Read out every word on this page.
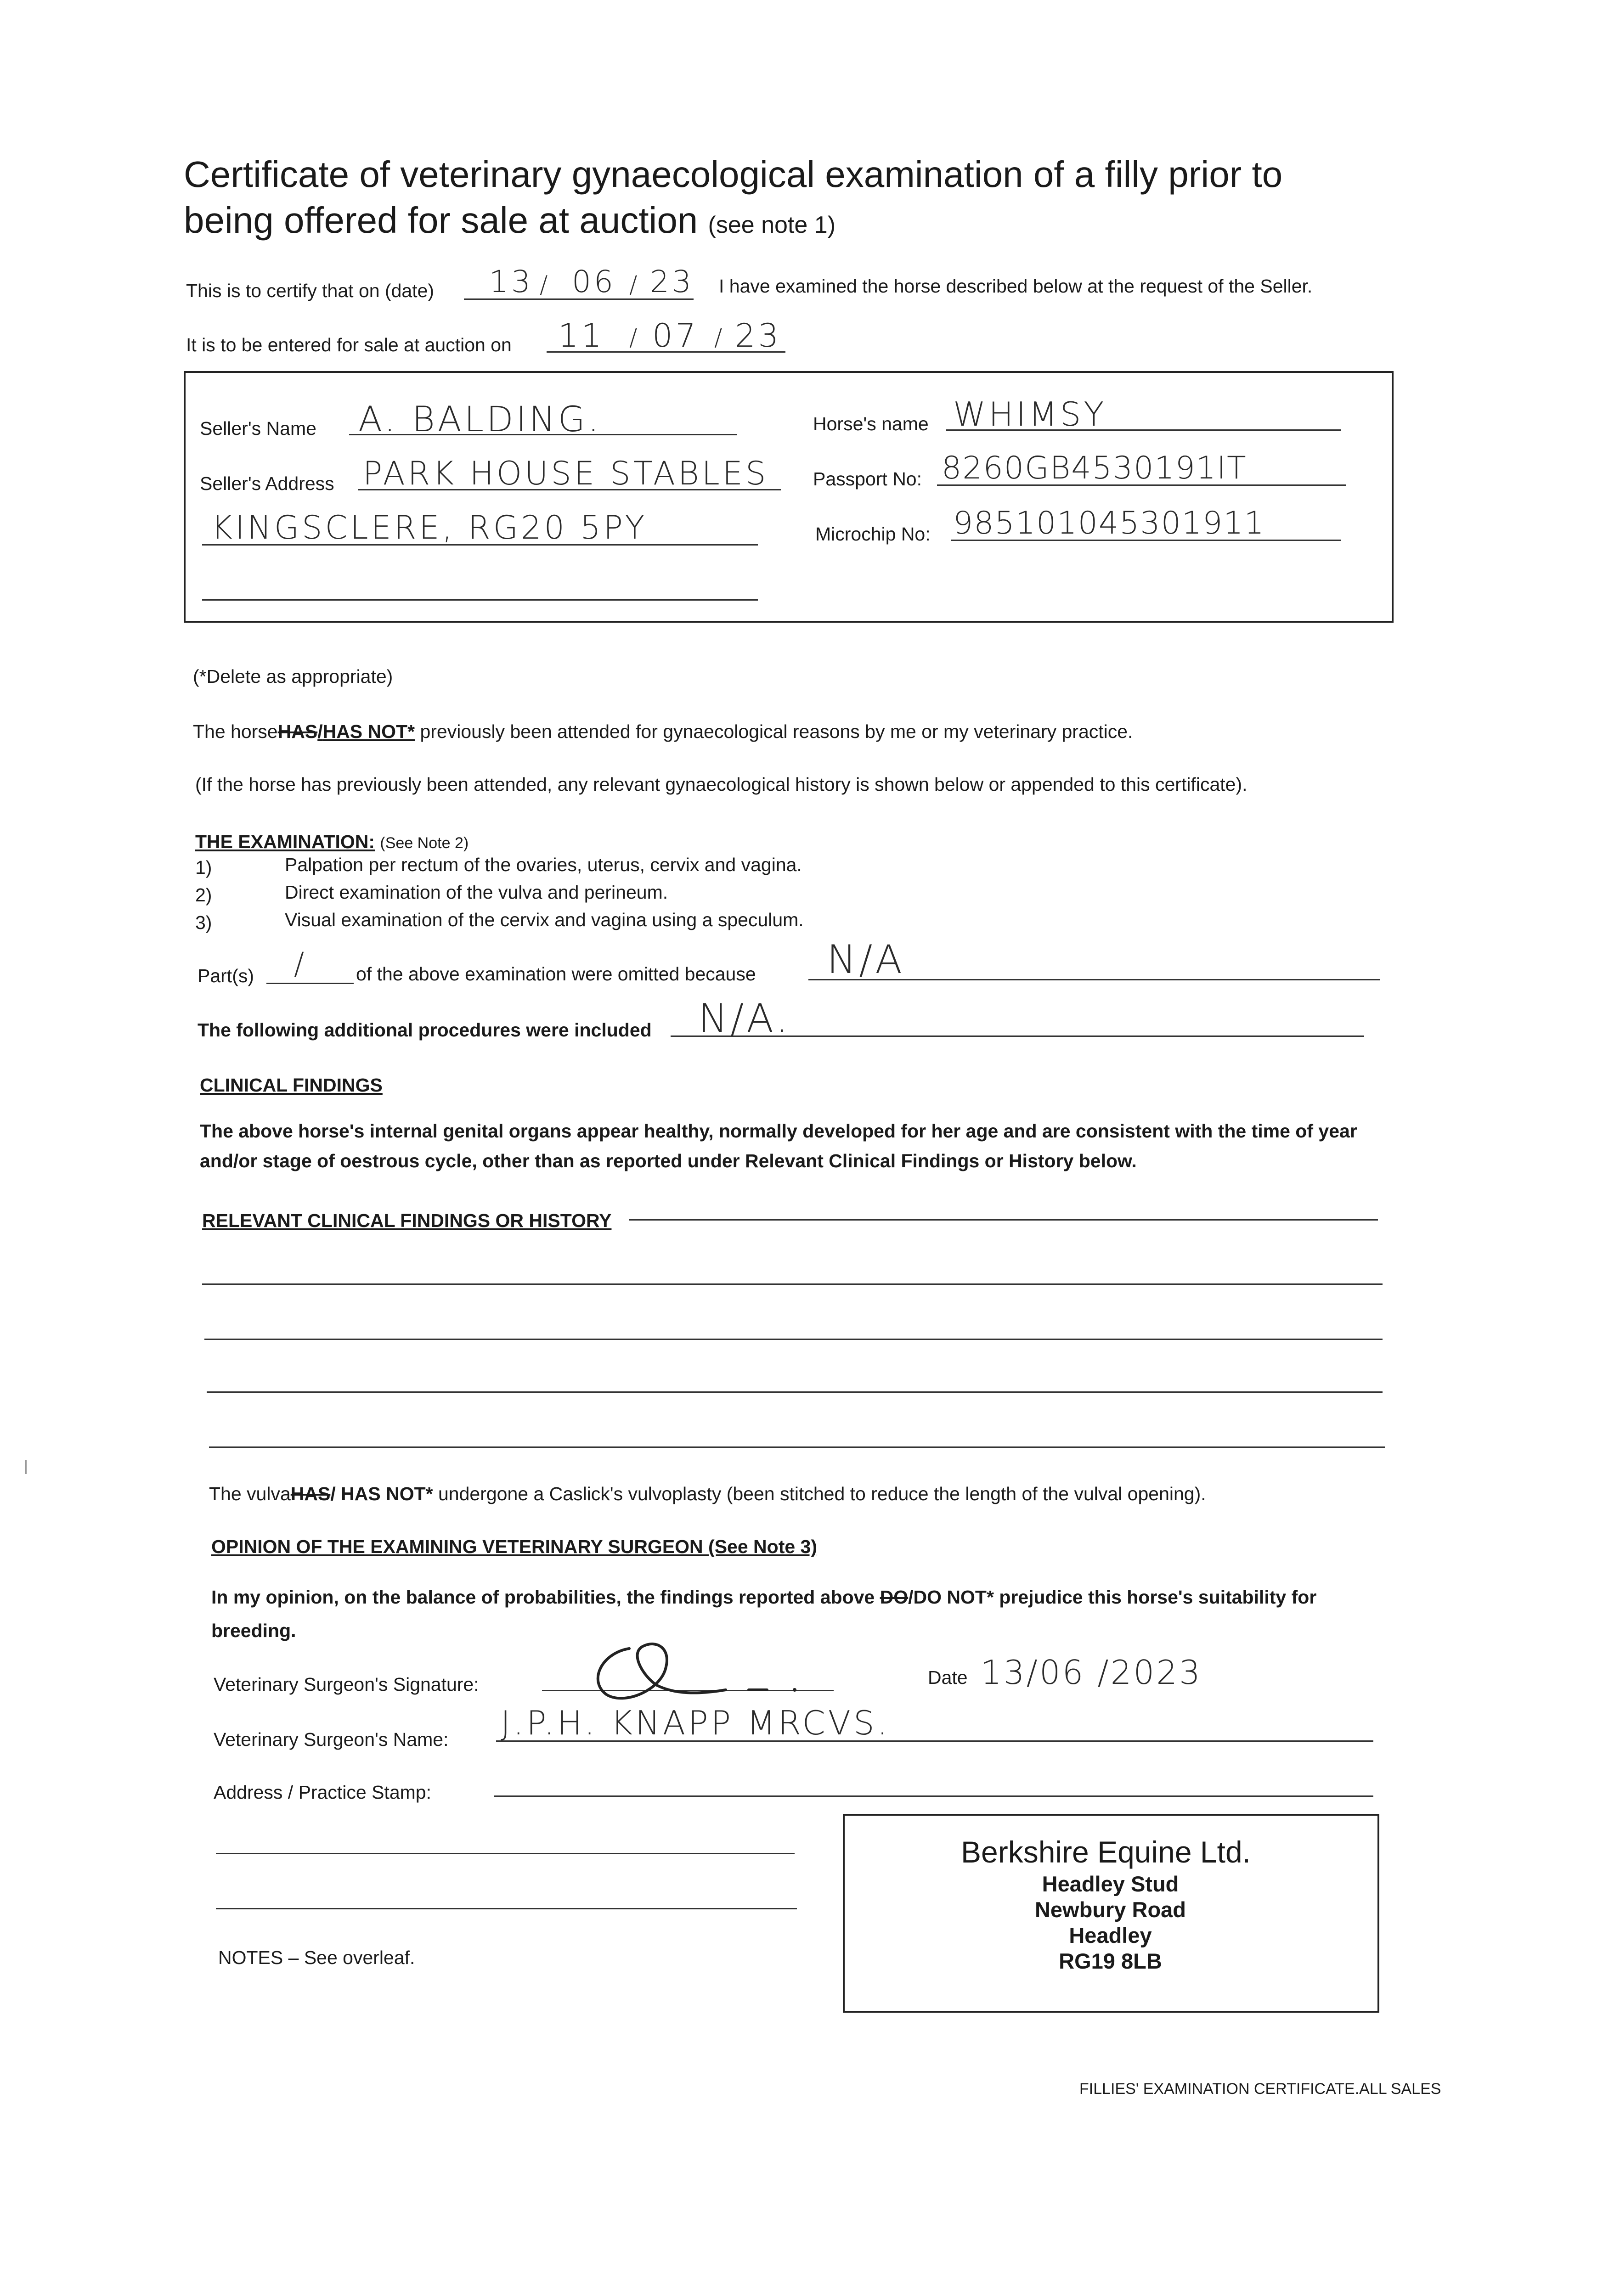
Certificate of veterinary gynaecological examination of a filly prior to
being offered for sale at auction (see note 1)
This is to certify that on (date) 13 / 06 / 23 I have examined the horse described below at the request of the Seller.
It is to be entered for sale at auction on 11 / 07 / 23
Seller's Name A. BALDING.
Seller's Address PARK HOUSE STABLES
KINGSCLERE, RG20 5PY
Horse's name WHIMSY
Passport No: 8260GB4530191IT
Microchip No: 985101045301911
(*Delete as appropriate)
The horseHAS/HAS NOT* previously been attended for gynaecological reasons by me or my veterinary practice.
(If the horse has previously been attended, any relevant gynaecological history is shown below or appended to this certificate).
THE EXAMINATION: (See Note 2)
1)	Palpation per rectum of the ovaries, uterus, cervix and vagina.
2)	Direct examination of the vulva and perineum.
3)	Visual examination of the cervix and vagina using a speculum.
Part(s) /	of the above examination were omitted because N/A
The following additional procedures were included N/A.
CLINICAL FINDINGS
The above horse's internal genital organs appear healthy, normally developed for her age and are consistent with the time of year
and/or stage of oestrous cycle, other than as reported under Relevant Clinical Findings or History below.
RELEVANT CLINICAL FINDINGS OR HISTORY
The vulvaHAS/ HAS NOT* undergone a Caslick's vulvoplasty (been stitched to reduce the length of the vulval opening).
OPINION OF THE EXAMINING VETERINARY SURGEON (See Note 3)
In my opinion, on the balance of probabilities, the findings reported above DO/DO NOT* prejudice this horse's suitability for
breeding.
Veterinary Surgeon's Signature:	Date 13/06 /2023
Veterinary Surgeon's Name: J.P.H. KNAPP MRCVS.
Address / Practice Stamp:
Berkshire Equine Ltd.
Headley Stud
Newbury Road
Headley
RG19 8LB
NOTES – See overleaf.
FILLIES' EXAMINATION CERTIFICATE.ALL SALES
